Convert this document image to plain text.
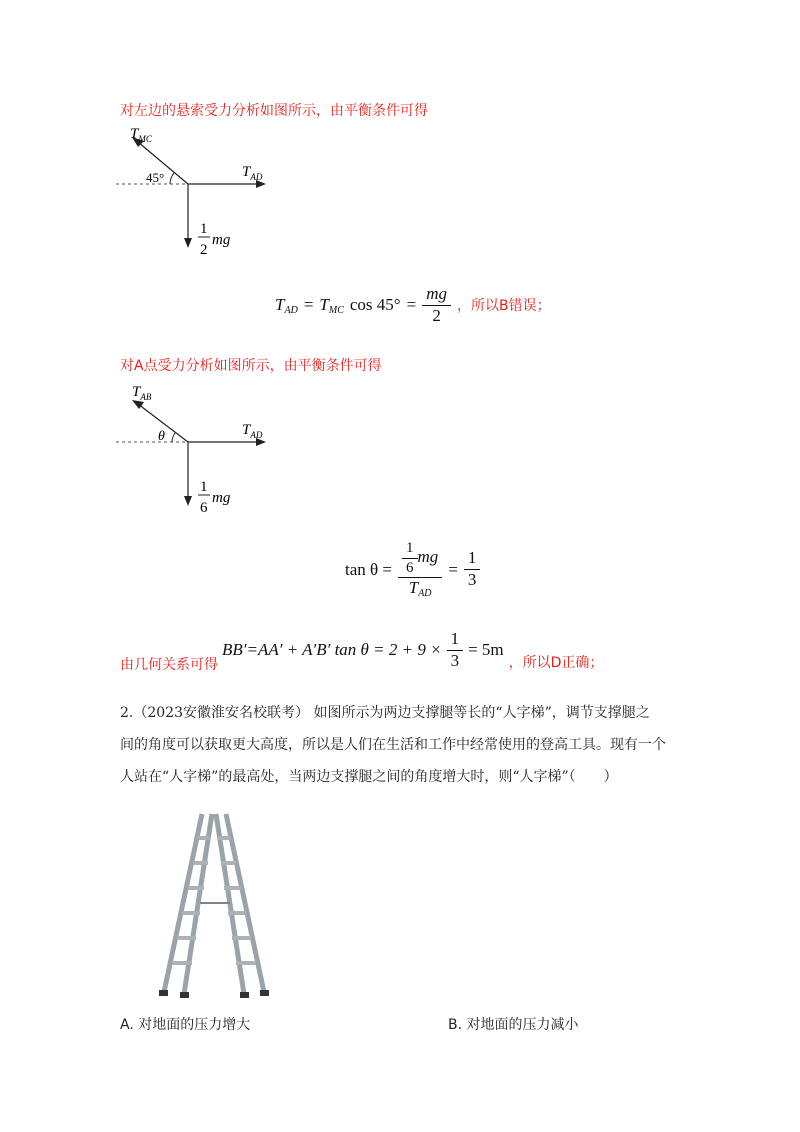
对左边的悬索受力分析如图所示，由平衡条件可得
$T_{MC}$
45°	$T_{AD}$
1
2
mg
$T_{AD} = T_{MC}$ $\cos 45^\circ = \frac{mg}{2}$ ，所以B错误；
对A点受力分析如图所示，由平衡条件可得
$T_{AB}$
θ	$T_{AD}$
1
6
mg
$\tan \theta = \frac{\frac{1}{6} mg}{T_{AD}} = \frac{1}{3}$
由几何关系可得
BB′=AA′ + A′B′ $\tan \theta = 2 + 9 \times \frac{1}{3} = 5m$
，所以D正确；
2.（2023安徽淮安名校联考） 如图所示为两边支撑腿等长的“人字梯”，调节支撑腿之
间的角度可以获取更大高度，所以是人们在生活和工作中经常使用的登高工具。现有一个
人站在“人字梯”的最高处，当两边支撑腿之间的角度增大时，则“人字梯”（　　）
A. 对地面的压力增大	B. 对地面的压力减小
